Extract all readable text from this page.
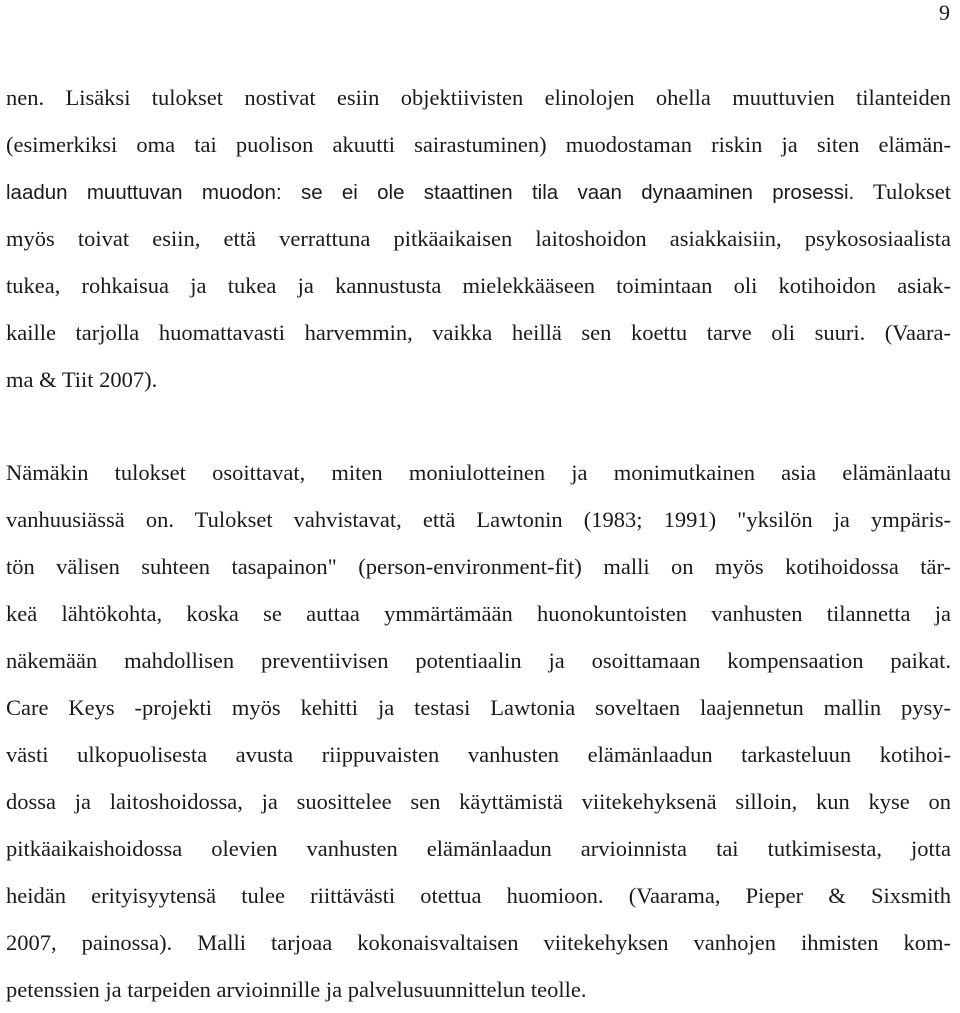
9
nen. Lisäksi tulokset nostivat esiin objektiivisten elinolojen ohella muuttuvien tilanteiden
(esimerkiksi oma tai puolison akuutti sairastuminen) muodostaman riskin ja siten elämän-
laadun muuttuvan muodon: se ei ole staattinen tila vaan dynaaminen prosessi. Tulokset
myös toivat esiin, että verrattuna pitkäaikaisen laitoshoidon asiakkaisiin, psykososiaalista
tukea, rohkaisua ja tukea ja kannustusta mielekkääseen toimintaan oli kotihoidon asiak-
kaille tarjolla huomattavasti harvemmin, vaikka heillä sen koettu tarve oli suuri. (Vaara-
ma & Tiit 2007).
Nämäkin tulokset osoittavat, miten moniulotteinen ja monimutkainen asia elämänlaatu
vanhuusiässä on. Tulokset vahvistavat, että Lawtonin (1983; 1991) "yksilön ja ympäris-
tön välisen suhteen tasapainon" (person-environment-fit) malli on myös kotihoidossa tär-
keä lähtökohta, koska se auttaa ymmärtämään huonokuntoisten vanhusten tilannetta ja
näkemään mahdollisen preventiivisen potentiaalin ja osoittamaan kompensaation paikat.
Care Keys -projekti myös kehitti ja testasi Lawtonia soveltaen laajennetun mallin pysy-
västi ulkopuolisesta avusta riippuvaisten vanhusten elämänlaadun tarkasteluun kotihoi-
dossa ja laitoshoidossa, ja suosittelee sen käyttämistä viitekehyksenä silloin, kun kyse on
pitkäaikaishoidossa olevien vanhusten elämänlaadun arvioinnista tai tutkimisesta, jotta
heidän erityisyytensä tulee riittävästi otettua huomioon. (Vaarama, Pieper & Sixsmith
2007, painossa). Malli tarjoaa kokonaisvaltaisen viitekehyksen vanhojen ihmisten kom-
petenssien ja tarpeiden arvioinnille ja palvelusuunnittelun teolle.
